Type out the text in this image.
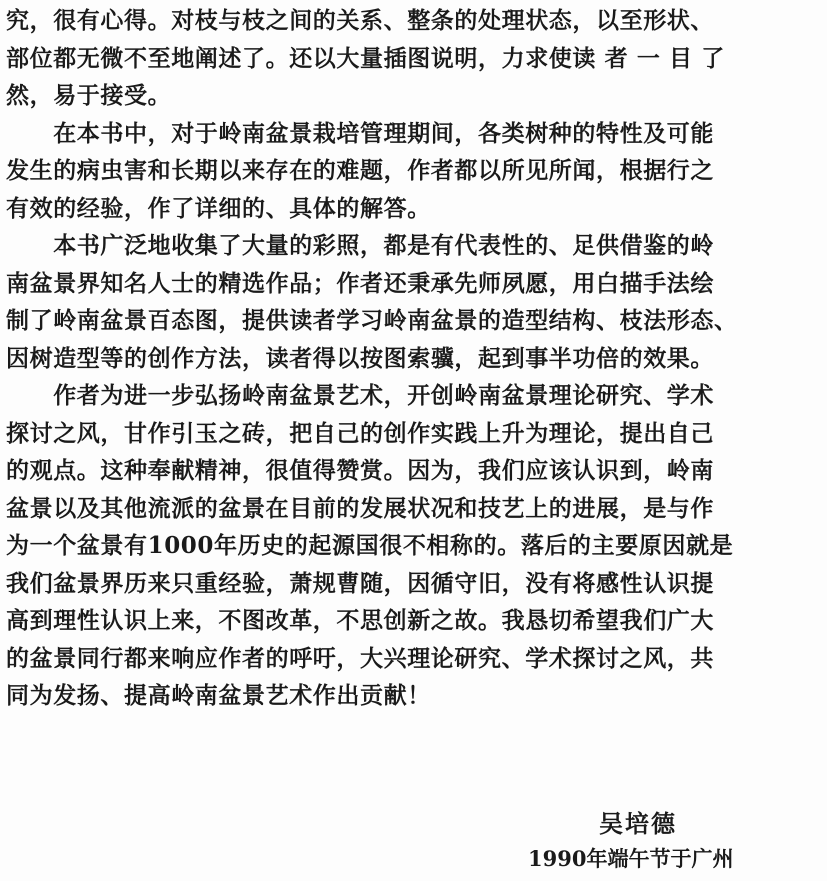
究，很有心得。对枝与枝之间的关系、整条的处理状态，以至形状、
部位都无微不至地阐述了。还以大量插图说明，力求使读 者 一 目 了
然，易于接受。
　　在本书中，对于岭南盆景栽培管理期间，各类树种的特性及可能
发生的病虫害和长期以来存在的难题，作者都以所见所闻，根据行之
有效的经验，作了详细的、具体的解答。
　　本书广泛地收集了大量的彩照，都是有代表性的、足供借鉴的岭
南盆景界知名人士的精选作品；作者还秉承先师夙愿，用白描手法绘
制了岭南盆景百态图，提供读者学习岭南盆景的造型结构、枝法形态、
因树造型等的创作方法，读者得以按图索骥，起到事半功倍的效果。
　　作者为进一步弘扬岭南盆景艺术，开创岭南盆景理论研究、学术
探讨之风，甘作引玉之砖，把自己的创作实践上升为理论，提出自己
的观点。这种奉献精神，很值得赞赏。因为，我们应该认识到，岭南
盆景以及其他流派的盆景在目前的发展状况和技艺上的进展，是与作
为一个盆景有1000年历史的起源国很不相称的。落后的主要原因就是
我们盆景界历来只重经验，萧规曹随，因循守旧，没有将感性认识提
高到理性认识上来，不图改革，不思创新之故。我恳切希望我们广大
的盆景同行都来响应作者的呼吁，大兴理论研究、学术探讨之风，共
同为发扬、提高岭南盆景艺术作出贡献！
吴培德
1990年端午节于广州
